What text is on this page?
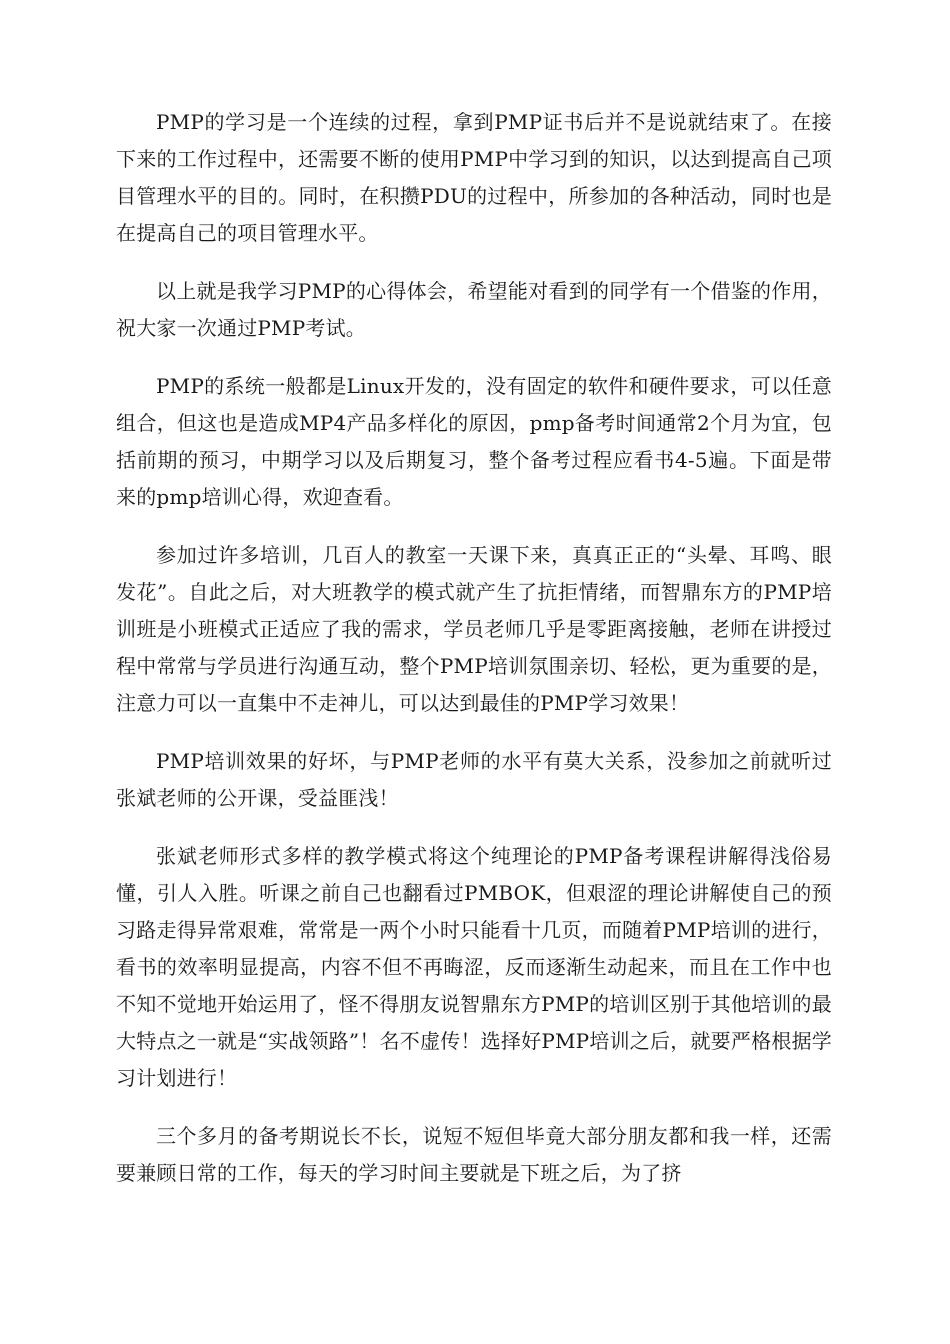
PMP的学习是一个连续的过程，拿到PMP证书后并不是说就结束了。在接下来的工作过程中，还需要不断的使用PMP中学习到的知识，以达到提高自己项目管理水平的目的。同时，在积攒PDU的过程中，所参加的各种活动，同时也是在提高自己的项目管理水平。

以上就是我学习PMP的心得体会，希望能对看到的同学有一个借鉴的作用，祝大家一次通过PMP考试。

PMP的系统一般都是Linux开发的，没有固定的软件和硬件要求，可以任意组合，但这也是造成MP4产品多样化的原因，pmp备考时间通常2个月为宜，包括前期的预习，中期学习以及后期复习，整个备考过程应看书4-5遍。下面是带来的pmp培训心得，欢迎查看。

参加过许多培训，几百人的教室一天课下来，真真正正的“头晕、耳鸣、眼发花”。自此之后，对大班教学的模式就产生了抗拒情绪，而智鼎东方的PMP培训班是小班模式正适应了我的需求，学员老师几乎是零距离接触，老师在讲授过程中常常与学员进行沟通互动，整个PMP培训氛围亲切、轻松，更为重要的是，注意力可以一直集中不走神儿，可以达到最佳的PMP学习效果！

PMP培训效果的好坏，与PMP老师的水平有莫大关系，没参加之前就听过张斌老师的公开课，受益匪浅！

张斌老师形式多样的教学模式将这个纯理论的PMP备考课程讲解得浅俗易懂，引人入胜。听课之前自己也翻看过PMBOK，但艰涩的理论讲解使自己的预习路走得异常艰难，常常是一两个小时只能看十几页，而随着PMP培训的进行，看书的效率明显提高，内容不但不再晦涩，反而逐渐生动起来，而且在工作中也不知不觉地开始运用了，怪不得朋友说智鼎东方PMP的培训区别于其他培训的最大特点之一就是“实战领路”！名不虚传！选择好PMP培训之后，就要严格根据学习计划进行！

三个多月的备考期说长不长，说短不短但毕竟大部分朋友都和我一样，还需要兼顾日常的工作，每天的学习时间主要就是下班之后，为了挤
